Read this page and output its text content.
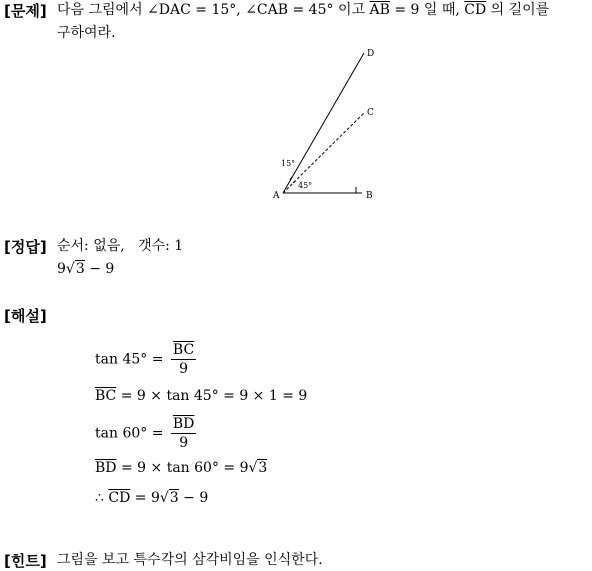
[문제] 다음 그림에서 ∠DAC = 15°, ∠CAB = 45° 이고 $\overline{AB} = 9$ 일 때, $\overline{CD}$ 의 길이를
구하여라.
A	B
C
D
15°
45°
[정답] 순서: 없음, 갯수: 1
9√3 − 9
[해설]
$\tan 45^\circ = \frac{\overline{BC}}{9}$
$\overline{BC} = 9 \times \tan 45^\circ = 9 \times 1 = 9$
$\tan 60^\circ = \frac{\overline{BD}}{9}$
$\overline{BD} = 9 \times \tan 60^\circ = 9√3$
∴ $\overline{CD} = 9√3 - 9$
[힌트] 그림을 보고 특수각의 삼각비임을 인식한다.
